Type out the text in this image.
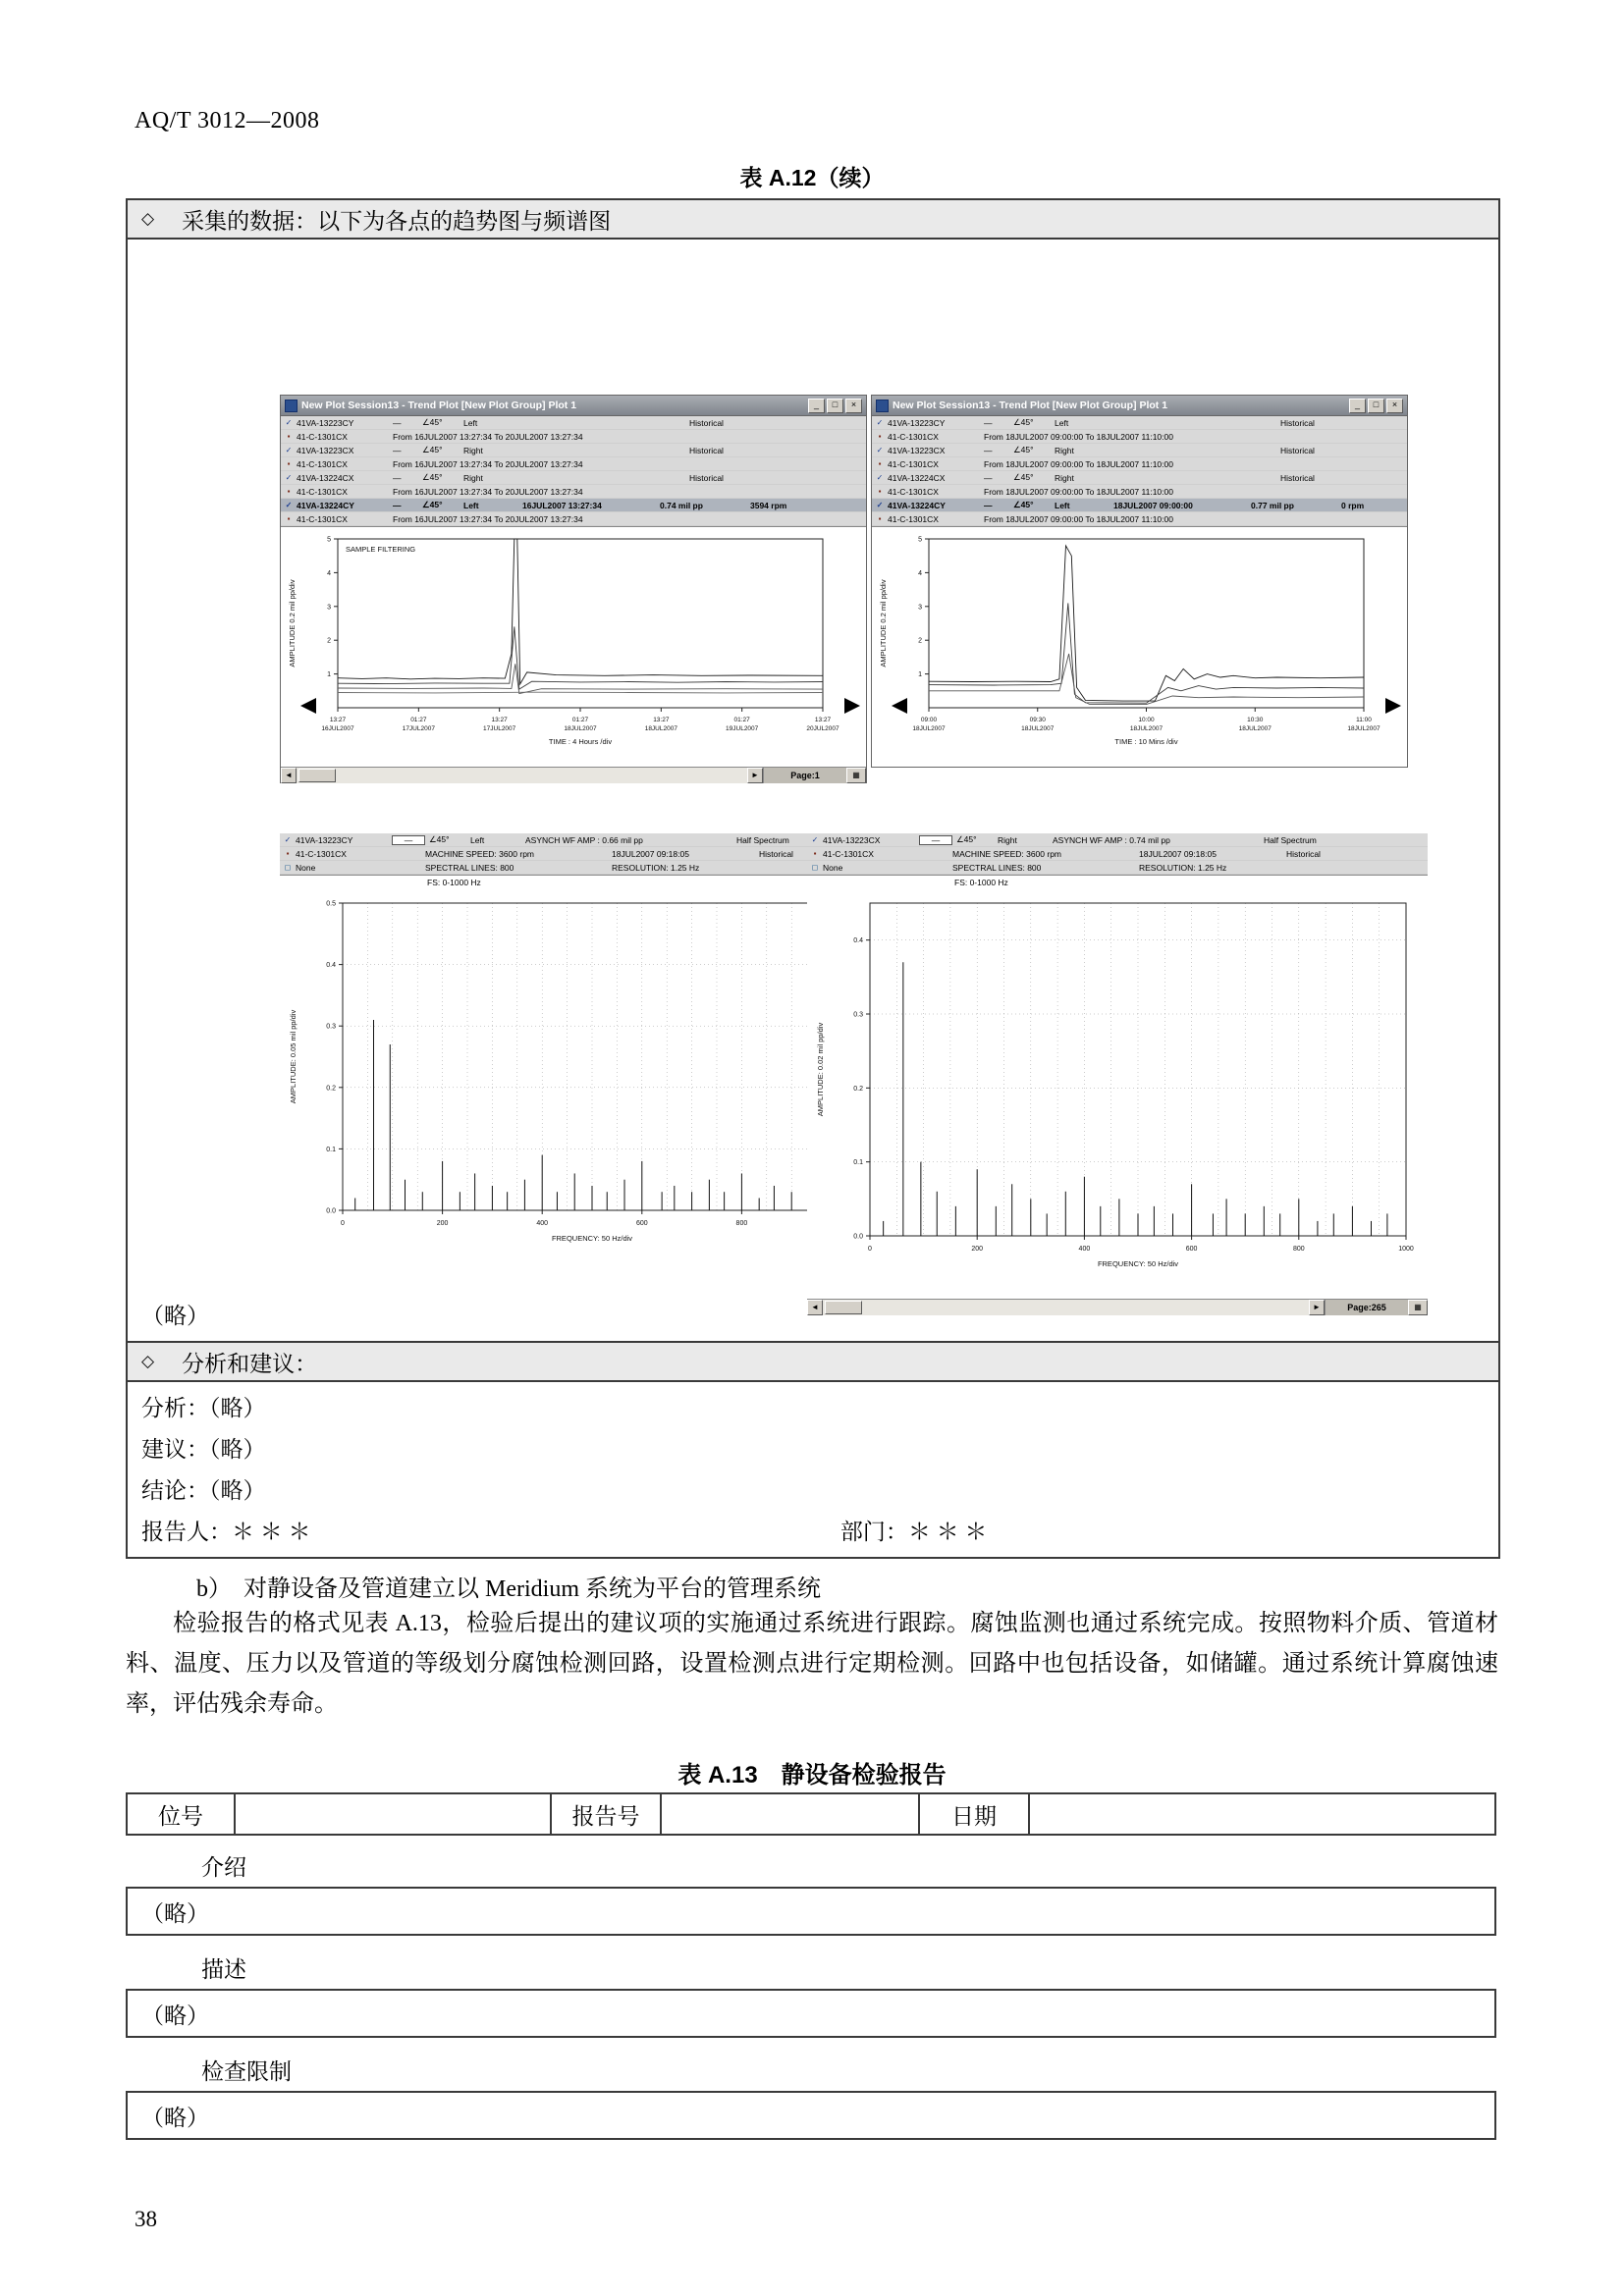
AQ/T 3012—2008
表 A.12（续）
◇ 采集的数据：以下为各点的趋势图与频谱图
New Plot Session13 - Trend Plot [New Plot Group] Plot 1	_	□	×
✓ 41VA-13223CY	—	∠45°	Left	Historical
▪ 41-C-1301CX	From 16JUL2007 13:27:34 To 20JUL2007 13:27:34
✓ 41VA-13223CX	—	∠45°	Right	Historical
▪ 41-C-1301CX	From 16JUL2007 13:27:34 To 20JUL2007 13:27:34
✓ 41VA-13224CX	—	∠45°	Right	Historical
▪ 41-C-1301CX	From 16JUL2007 13:27:34 To 20JUL2007 13:27:34
✓ 41VA-13224CY	—	∠45°	Left	16JUL2007 13:27:34	0.74 mil pp	3594 rpm
▪ 41-C-1301CX	From 16JUL2007 13:27:34 To 20JUL2007 13:27:34
SAMPLE FILTERING
AMPLITUDE 0.2 mil pp/div
1
2
3
4
5
13:27
16JUL2007
01:27
17JUL2007
13:27
17JUL2007
01:27
18JUL2007
13:27
18JUL2007
01:27
19JUL2007
13:27
20JUL2007
TIME : 4 Hours /div
◄	►	Page:1	▦
New Plot Session13 - Trend Plot [New Plot Group] Plot 1	_	□	×
✓ 41VA-13223CY	—	∠45°	Left	Historical
▪ 41-C-1301CX	From 18JUL2007 09:00:00 To 18JUL2007 11:10:00
✓ 41VA-13223CX	—	∠45°	Right	Historical
▪ 41-C-1301CX	From 18JUL2007 09:00:00 To 18JUL2007 11:10:00
✓ 41VA-13224CX	—	∠45°	Right	Historical
▪ 41-C-1301CX	From 18JUL2007 09:00:00 To 18JUL2007 11:10:00
✓ 41VA-13224CY	—	∠45°	Left	18JUL2007 09:00:00	0.77 mil pp	0 rpm
▪ 41-C-1301CX	From 18JUL2007 09:00:00 To 18JUL2007 11:10:00
AMPLITUDE 0.2 mil pp/div
1
2
3
4
5
09:00
18JUL2007
09:30
18JUL2007
10:00
18JUL2007
10:30
18JUL2007
11:00
18JUL2007
TIME : 10 Mins /div
✓ 41VA-13223CY	—	∠45°	Left	ASYNCH WF AMP : 0.66 mil pp	Half Spectrum
▪ 41-C-1301CX	MACHINE SPEED: 3600 rpm	18JUL2007 09:18:05	Historical
◻ None	SPECTRAL LINES: 800	RESOLUTION: 1.25 Hz
FS: 0-1000 Hz
AMPLITUDE: 0.05 mil pp/div
0.0
0.1
0.2
0.3
0.4
0.5
0	200	400	600	800
FREQUENCY: 50 Hz/div
✓ 41VA-13223CX	—	∠45°	Right	ASYNCH WF AMP : 0.74 mil pp	Half Spectrum
▪ 41-C-1301CX	MACHINE SPEED: 3600 rpm	18JUL2007 09:18:05	Historical
◻ None	SPECTRAL LINES: 800	RESOLUTION: 1.25 Hz
FS: 0-1000 Hz
AMPLITUDE: 0.02 mil pp/div
0.0
0.1
0.2
0.3
0.4
0	200	400	600	800	1000
FREQUENCY: 50 Hz/div
◄	►	Page:265	▦
（略）
◇ 分析和建议：
分析：（略）
建议：（略）
结论：（略）
报告人：＊ ＊ ＊	部门：＊ ＊ ＊
b）　对静设备及管道建立以 Meridium 系统为平台的管理系统

检验报告的格式见表 A.13，检验后提出的建议项的实施通过系统进行跟踪。腐蚀监测也通过系统完成。按照物料介质、管道材料、温度、压力以及管道的等级划分腐蚀检测回路，设置检测点进行定期检测。回路中也包括设备，如储罐。通过系统计算腐蚀速率，评估残余寿命。

表 A.13　静设备检验报告
位号	报告号	日期
介绍
（略）
描述
（略）
检查限制
（略）
38
